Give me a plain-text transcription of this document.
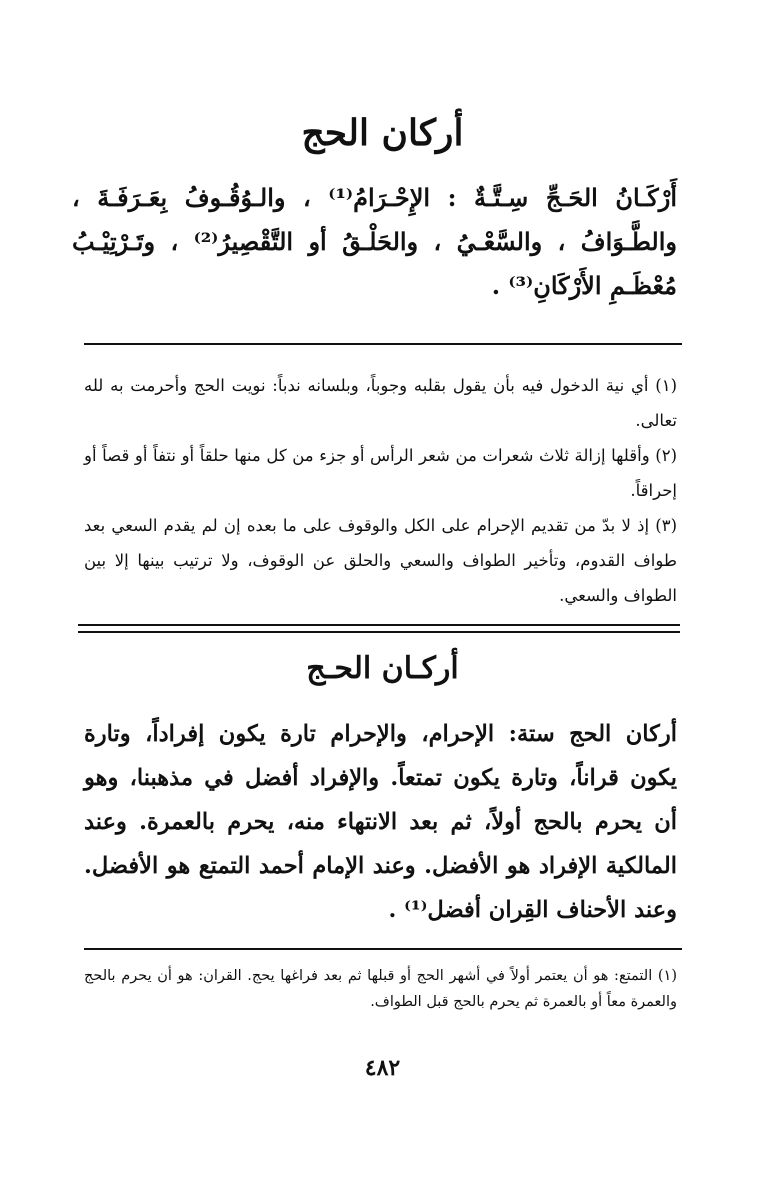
أركان الحج
أَرْكَـانُ الحَـجِّ سِـتَّـةٌ : الإِحْـرَامُ⁽¹⁾ ، والـوُقُـوفُ بِعَـرَفَـةَ ، والطَّـوَافُ ، والسَّعْـيُ ، والحَلْـقُ أو التَّقْصِيرُ⁽²⁾ ، وتَـرْتِيْـبُ مُعْظَـمِ الأَرْكَانِ⁽³⁾ .

(١) أي نية الدخول فيه بأن يقول بقلبه وجوباً، وبلسانه ندباً: نويت الحج وأحرمت به لله تعالى.

(٢) وأقلها إزالة ثلاث شعرات من شعر الرأس أو جزء من كل منها حلقاً أو نتفاً أو قصاً أو إحراقاً.

(٣) إذ لا بدّ من تقديم الإحرام على الكل والوقوف على ما بعده إن لم يقدم السعي بعد طواف القدوم، وتأخير الطواف والسعي والحلق عن الوقوف، ولا ترتيب بينها إلا بين الطواف والسعي.

أركـان الحـج
أركان الحج ستة: الإحرام، والإحرام تارة يكون إفراداً، وتارة يكون قراناً، وتارة يكون تمتعاً. والإفراد أفضل في مذهبنا، وهو أن يحرم بالحج أولاً، ثم بعد الانتهاء منه، يحرم بالعمرة. وعند المالكية الإفراد هو الأفضل. وعند الإمام أحمد التمتع هو الأفضل. وعند الأحناف القِران أفضل⁽¹⁾ .

(١) التمتع: هو أن يعتمر أولاً في أشهر الحج أو قبلها ثم بعد فراغها يحج. القران: هو أن يحرم بالحج والعمرة معاً أو بالعمرة ثم يحرم بالحج قبل الطواف.

٤٨٢
